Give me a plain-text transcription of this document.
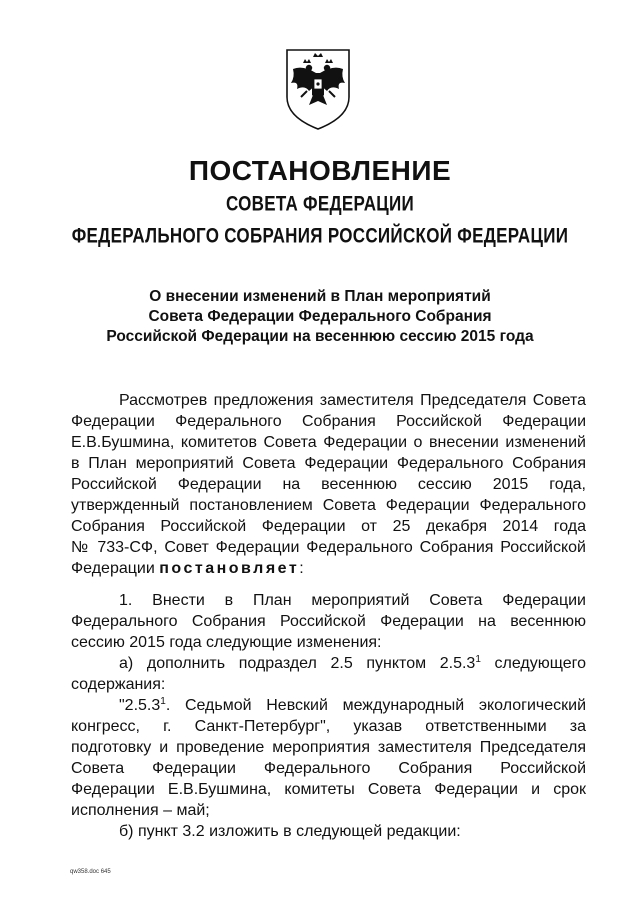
ПОСТАНОВЛЕНИЕ
СОВЕТА ФЕДЕРАЦИИ
ФЕДЕРАЛЬНОГО СОБРАНИЯ РОССИЙСКОЙ ФЕДЕРАЦИИ
О внесении изменений в План мероприятий
Совета Федерации Федерального Собрания
Российской Федерации на весеннюю сессию 2015 года
Рассмотрев предложения заместителя Председателя Совета
Федерации Федерального Собрания Российской Федерации
Е.В.Бушмина, комитетов Совета Федерации о внесении изменений
в План мероприятий Совета Федерации Федерального Собрания
Российской Федерации на весеннюю сессию 2015 года,
утвержденный постановлением Совета Федерации Федерального
Собрания Российской Федерации от 25 декабря 2014 года
№ 733-СФ, Совет Федерации Федерального Собрания Российской
Федерации постановляет:
1. Внести в План мероприятий Совета Федерации
Федерального Собрания Российской Федерации на весеннюю
сессию 2015 года следующие изменения:
а) дополнить подраздел 2.5 пунктом 2.5.3$^1$ следующего
содержания:
"2.5.3$^1$. Седьмой Невский международный экологический
конгресс, г. Санкт-Петербург", указав ответственными за
подготовку и проведение мероприятия заместителя Председателя
Совета Федерации Федерального Собрания Российской
Федерации Е.В.Бушмина, комитеты Совета Федерации и срок
исполнения – май;
б) пункт 3.2 изложить в следующей редакции:
qw358.doc 645
